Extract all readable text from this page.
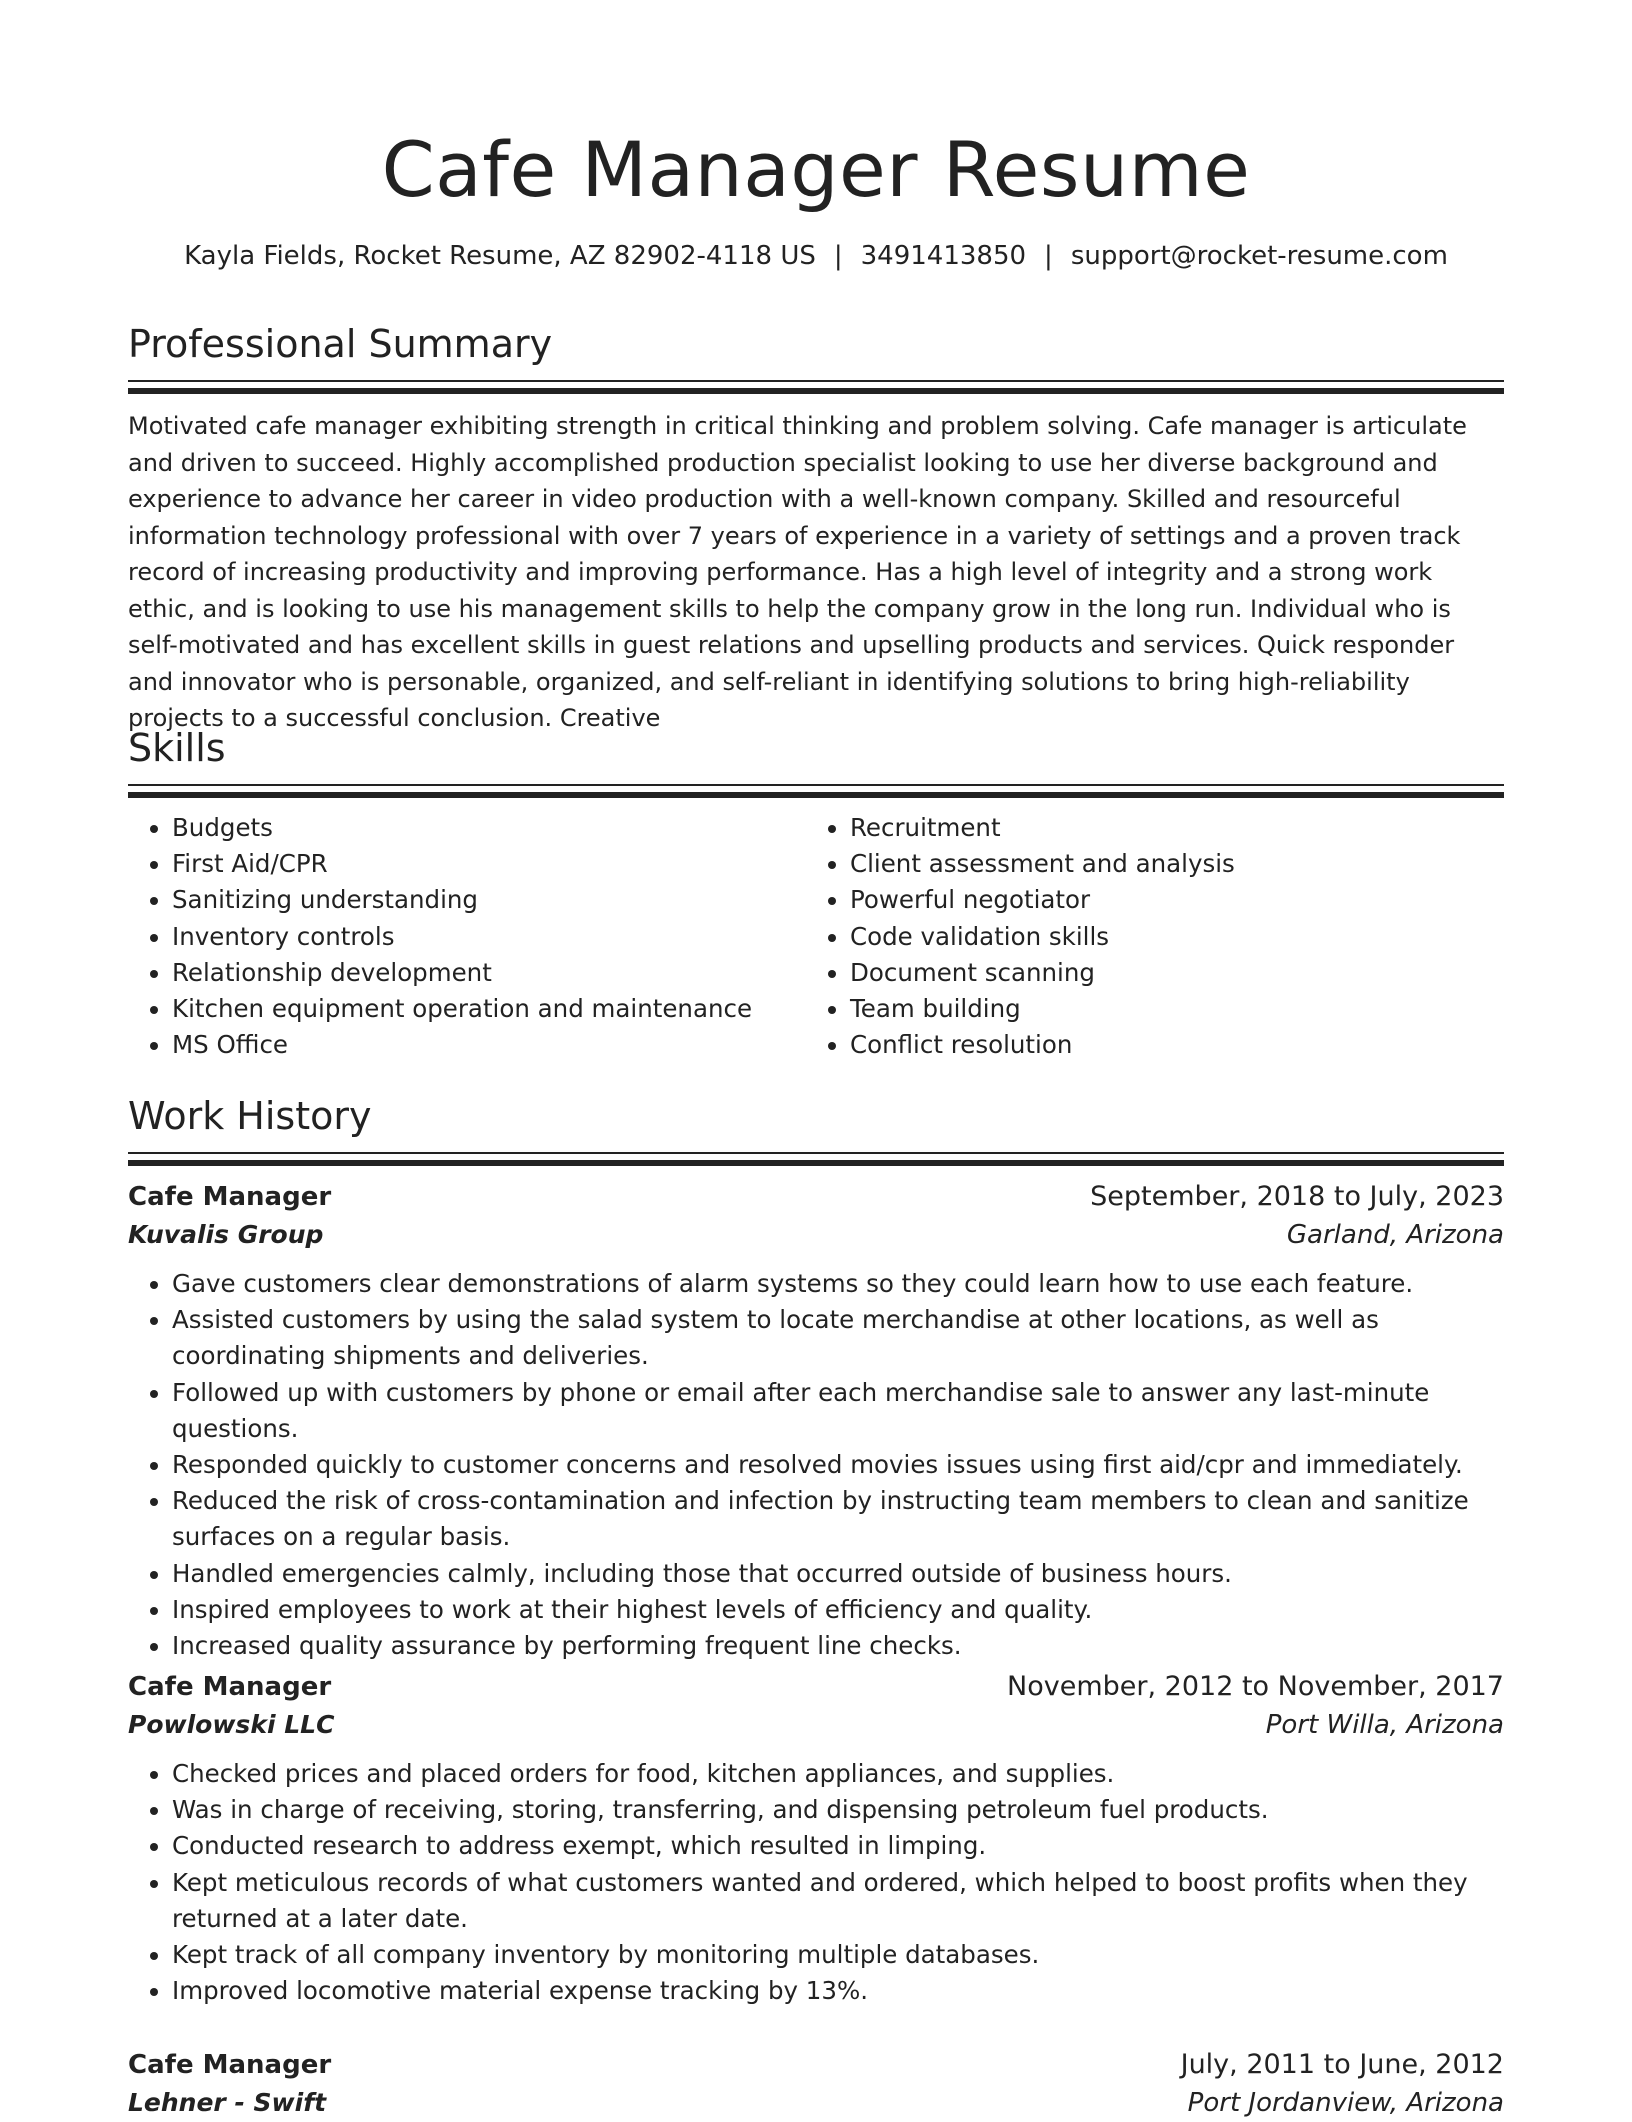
Cafe Manager Resume
Kayla Fields, Rocket Resume, AZ 82902-4118 US | 3491413850 | support@rocket-resume.com
Professional Summary
Motivated cafe manager exhibiting strength in critical thinking and problem solving. Cafe manager is articulate and driven to succeed. Highly accomplished production specialist looking to use her diverse background and experience to advance her career in video production with a well-known company. Skilled and resourceful information technology professional with over 7 years of experience in a variety of settings and a proven track record of increasing productivity and improving performance. Has a high level of integrity and a strong work ethic, and is looking to use his management skills to help the company grow in the long run. Individual who is self-motivated and has excellent skills in guest relations and upselling products and services. Quick responder and innovator who is personable, organized, and self-reliant in identifying solutions to bring high-reliability projects to a successful conclusion. Creative
Skills
• Budgets
• First Aid/CPR
• Sanitizing understanding
• Inventory controls
• Relationship development
• Kitchen equipment operation and maintenance
• MS Office
• Recruitment
• Client assessment and analysis
• Powerful negotiator
• Code validation skills
• Document scanning
• Team building
• Conflict resolution
Work History
Cafe Manager	September, 2018 to July, 2023
Kuvalis Group	Garland, Arizona
• Gave customers clear demonstrations of alarm systems so they could learn how to use each feature.
• Assisted customers by using the salad system to locate merchandise at other locations, as well as coordinating shipments and deliveries.
• Followed up with customers by phone or email after each merchandise sale to answer any last-minute questions.
• Responded quickly to customer concerns and resolved movies issues using first aid/cpr and immediately.
• Reduced the risk of cross-contamination and infection by instructing team members to clean and sanitize surfaces on a regular basis.
• Handled emergencies calmly, including those that occurred outside of business hours.
• Inspired employees to work at their highest levels of efficiency and quality.
• Increased quality assurance by performing frequent line checks.
Cafe Manager	November, 2012 to November, 2017
Powlowski LLC	Port Willa, Arizona
• Checked prices and placed orders for food, kitchen appliances, and supplies.
• Was in charge of receiving, storing, transferring, and dispensing petroleum fuel products.
• Conducted research to address exempt, which resulted in limping.
• Kept meticulous records of what customers wanted and ordered, which helped to boost profits when they returned at a later date.
• Kept track of all company inventory by monitoring multiple databases.
• Improved locomotive material expense tracking by 13%.
Cafe Manager	July, 2011 to June, 2012
Lehner - Swift	Port Jordanview, Arizona
